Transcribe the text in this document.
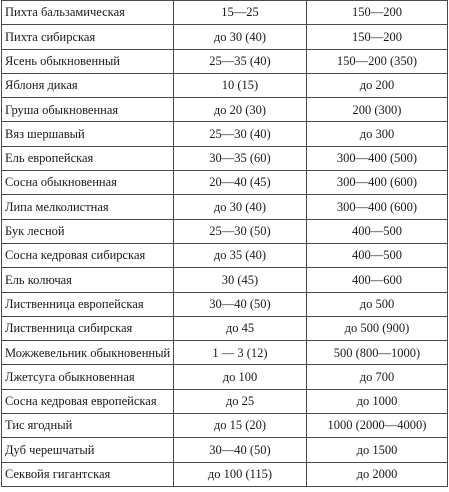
Пихта бальзамическая	15—25	150—200
Пихта сибирская	до 30 (40)	150—200
Ясень обыкновенный	25—35 (40)	150—200 (350)
Яблоня дикая	10 (15)	до 200
Груша обыкновенная	до 20 (30)	200 (300)
Вяз шершавый	25—30 (40)	до 300
Ель европейская	30—35 (60)	300—400 (500)
Сосна обыкновенная	20—40 (45)	300—400 (600)
Липа мелколистная	до 30 (40)	300—400 (600)
Бук лесной	25—30 (50)	400—500
Сосна кедровая сибирская	до 35 (40)	400—500
Ель колючая	30 (45)	400—600
Лиственница европейская	30—40 (50)	до 500
Лиственница сибирская	до 45	до 500 (900)
Можжевельник обыкновенный	1 — 3 (12)	500 (800—1000)
Лжетсуга обыкновенная	до 100	до 700
Сосна кедровая европейская	до 25	до 1000
Тис ягодный	до 15 (20)	1000 (2000—4000)
Дуб черешчатый	30—40 (50)	до 1500
Секвойя гигантская	до 100 (115)	до 2000
